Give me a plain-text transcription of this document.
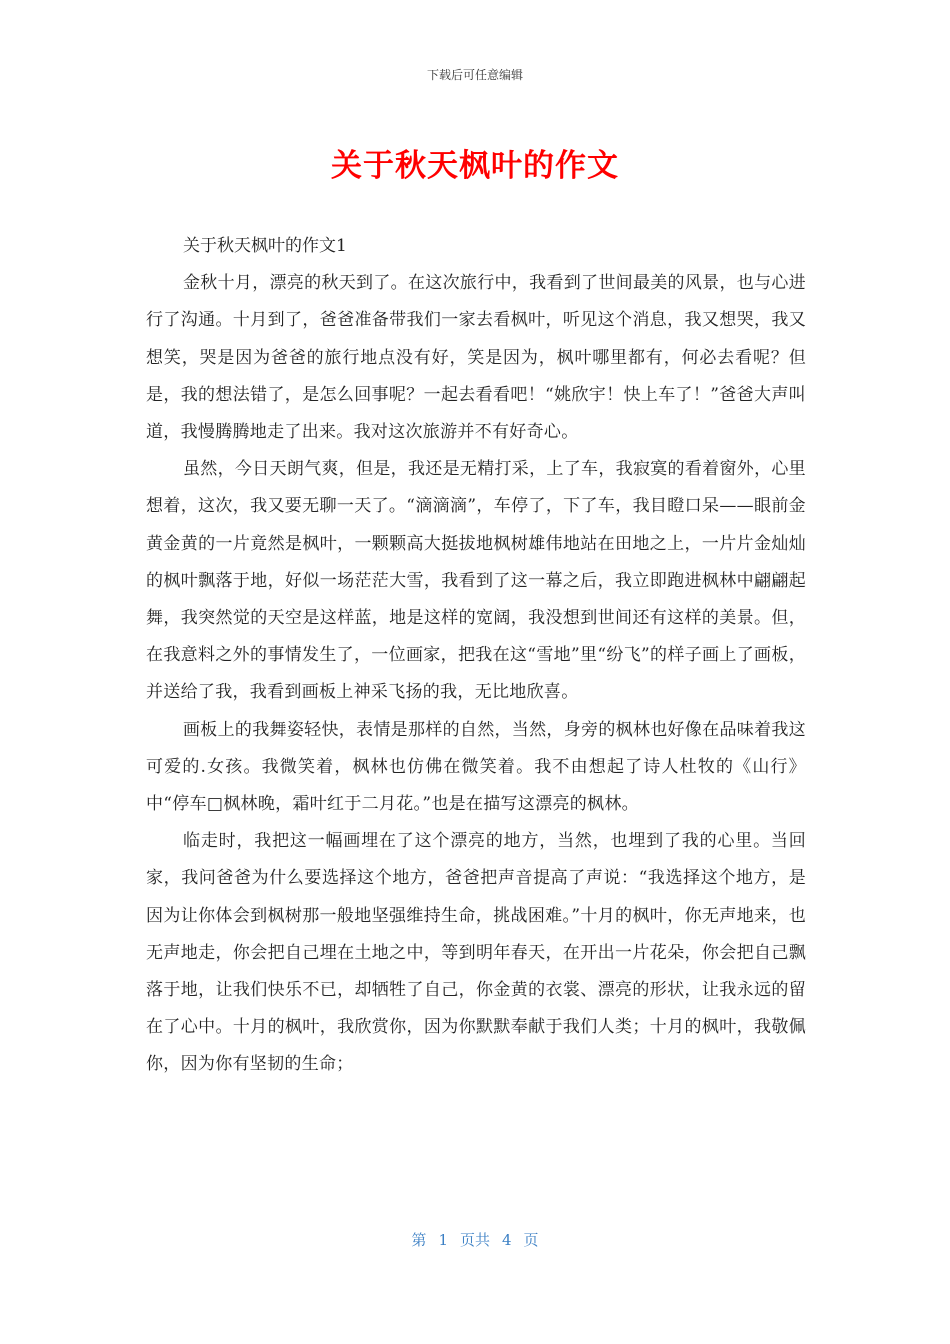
下载后可任意编辑
关于秋天枫叶的作文

关于秋天枫叶的作文1

金秋十月，漂亮的秋天到了。在这次旅行中，我看到了世间最美的风景，也与心进行了沟通。十月到了，爸爸准备带我们一家去看枫叶，听见这个消息，我又想哭，我又想笑，哭是因为爸爸的旅行地点没有好，笑是因为，枫叶哪里都有，何必去看呢？但是，我的想法错了，是怎么回事呢？一起去看看吧！“姚欣宇！快上车了！”爸爸大声叫道，我慢腾腾地走了出来。我对这次旅游并不有好奇心。

虽然，今日天朗气爽，但是，我还是无精打采，上了车，我寂寞的看着窗外，心里想着，这次，我又要无聊一天了。“滴滴滴”，车停了，下了车，我目瞪口呆——眼前金黄金黄的一片竟然是枫叶，一颗颗高大挺拔地枫树雄伟地站在田地之上，一片片金灿灿的枫叶飘落于地，好似一场茫茫大雪，我看到了这一幕之后，我立即跑进枫林中翩翩起舞，我突然觉的天空是这样蓝，地是这样的宽阔，我没想到世间还有这样的美景。但，在我意料之外的事情发生了，一位画家，把我在这“雪地”里“纷飞”的样子画上了画板，并送给了我，我看到画板上神采飞扬的我，无比地欣喜。

画板上的我舞姿轻快，表情是那样的自然，当然，身旁的枫林也好像在品味着我这可爱的.女孩。我微笑着，枫林也仿佛在微笑着。我不由想起了诗人杜牧的《山行》中“停车□枫林晚，霜叶红于二月花。”也是在描写这漂亮的枫林。

临走时，我把这一幅画埋在了这个漂亮的地方，当然，也埋到了我的心里。当回家，我问爸爸为什么要选择这个地方，爸爸把声音提高了声说：“我选择这个地方，是因为让你体会到枫树那一般地坚强维持生命，挑战困难。”十月的枫叶，你无声地来，也无声地走，你会把自己埋在土地之中，等到明年春天，在开出一片花朵，你会把自己飘落于地，让我们快乐不已，却牺牲了自己，你金黄的衣裳、漂亮的形状，让我永远的留在了心中。十月的枫叶，我欣赏你，因为你默默奉献于我们人类；十月的枫叶，我敬佩你，因为你有坚韧的生命；

第 1 页共 4 页
